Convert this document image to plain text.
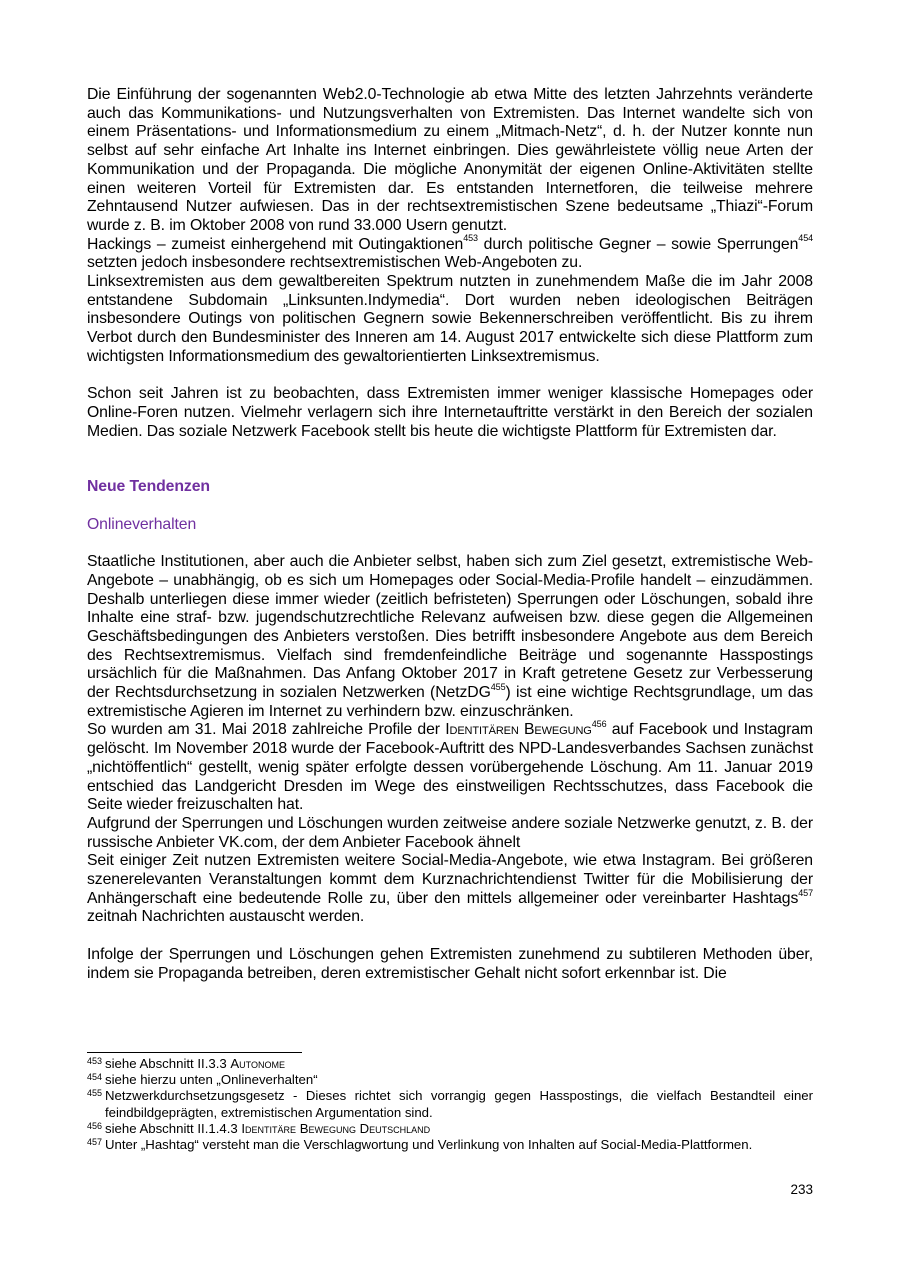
Die Einführung der sogenannten Web2.0-Technologie ab etwa Mitte des letzten Jahrzehnts veränderte auch das Kommunikations- und Nutzungsverhalten von Extremisten. Das Internet wandelte sich von einem Präsentations- und Informationsmedium zu einem „Mitmach-Netz“, d. h. der Nutzer konnte nun selbst auf sehr einfache Art Inhalte ins Internet einbringen. Dies gewährleistete völlig neue Arten der Kommunikation und der Propaganda. Die mögliche Anonymität der eigenen Online-Aktivitäten stellte einen weiteren Vorteil für Extremisten dar. Es entstanden Internetforen, die teilweise mehrere Zehntausend Nutzer aufwiesen. Das in der rechtsextremistischen Szene bedeutsame „Thiazi“-Forum wurde z. B. im Oktober 2008 von rund 33.000 Usern genutzt.

Hackings – zumeist einhergehend mit Outingaktionen$^{453}$ durch politische Gegner – sowie Sperrungen$^{454}$ setzten jedoch insbesondere rechtsextremistischen Web-Angeboten zu.

Linksextremisten aus dem gewaltbereiten Spektrum nutzten in zunehmendem Maße die im Jahr 2008 entstandene Subdomain „Linksunten.Indymedia“. Dort wurden neben ideologischen Beiträgen insbesondere Outings von politischen Gegnern sowie Bekennerschreiben veröffentlicht. Bis zu ihrem Verbot durch den Bundesminister des Inneren am 14. August 2017 entwickelte sich diese Plattform zum wichtigsten Informationsmedium des gewaltorientierten Linksextremismus.

Schon seit Jahren ist zu beobachten, dass Extremisten immer weniger klassische Homepages oder Online-Foren nutzen. Vielmehr verlagern sich ihre Internetauftritte verstärkt in den Bereich der sozialen Medien. Das soziale Netzwerk Facebook stellt bis heute die wichtigste Plattform für Extremisten dar.

Neue Tendenzen

Onlineverhalten

Staatliche Institutionen, aber auch die Anbieter selbst, haben sich zum Ziel gesetzt, extremistische Web-Angebote – unabhängig, ob es sich um Homepages oder Social-Media-Profile handelt – einzudämmen. Deshalb unterliegen diese immer wieder (zeitlich befristeten) Sperrungen oder Löschungen, sobald ihre Inhalte eine straf- bzw. jugendschutzrechtliche Relevanz aufweisen bzw. diese gegen die Allgemeinen Geschäftsbedingungen des Anbieters verstoßen. Dies betrifft insbesondere Angebote aus dem Bereich des Rechtsextremismus. Vielfach sind fremdenfeindliche Beiträge und sogenannte Hasspostings ursächlich für die Maßnahmen. Das Anfang Oktober 2017 in Kraft getretene Gesetz zur Verbesserung der Rechtsdurchsetzung in sozialen Netzwerken (NetzDG$^{455}$) ist eine wichtige Rechtsgrundlage, um das extremistische Agieren im Internet zu verhindern bzw. einzuschränken.

So wurden am 31. Mai 2018 zahlreiche Profile der Identitären Bewegung$^{456}$ auf Facebook und Instagram gelöscht. Im November 2018 wurde der Facebook-Auftritt des NPD-Landesverbandes Sachsen zunächst „nichtöffentlich“ gestellt, wenig später erfolgte dessen vorübergehende Löschung. Am 11. Januar 2019 entschied das Landgericht Dresden im Wege des einstweiligen Rechtsschutzes, dass Facebook die Seite wieder freizuschalten hat.

Aufgrund der Sperrungen und Löschungen wurden zeitweise andere soziale Netzwerke genutzt, z. B. der russische Anbieter VK.com, der dem Anbieter Facebook ähnelt

Seit einiger Zeit nutzen Extremisten weitere Social-Media-Angebote, wie etwa Instagram. Bei größeren szenerelevanten Veranstaltungen kommt dem Kurznachrichtendienst Twitter für die Mobilisierung der Anhängerschaft eine bedeutende Rolle zu, über den mittels allgemeiner oder vereinbarter Hashtags$^{457}$ zeitnah Nachrichten austauscht werden.

Infolge der Sperrungen und Löschungen gehen Extremisten zunehmend zu subtileren Methoden über, indem sie Propaganda betreiben, deren extremistischer Gehalt nicht sofort erkennbar ist. Die

453 siehe Abschnitt II.3.3 Autonome
454 siehe hierzu unten „Onlineverhalten“
455 Netzwerkdurchsetzungsgesetz - Dieses richtet sich vorrangig gegen Hasspostings, die vielfach Bestandteil einer feindbildgeprägten, extremistischen Argumentation sind.
456 siehe Abschnitt II.1.4.3 Identitäre Bewegung Deutschland
457 Unter „Hashtag“ versteht man die Verschlagwortung und Verlinkung von Inhalten auf Social-Media-Plattformen.
233
